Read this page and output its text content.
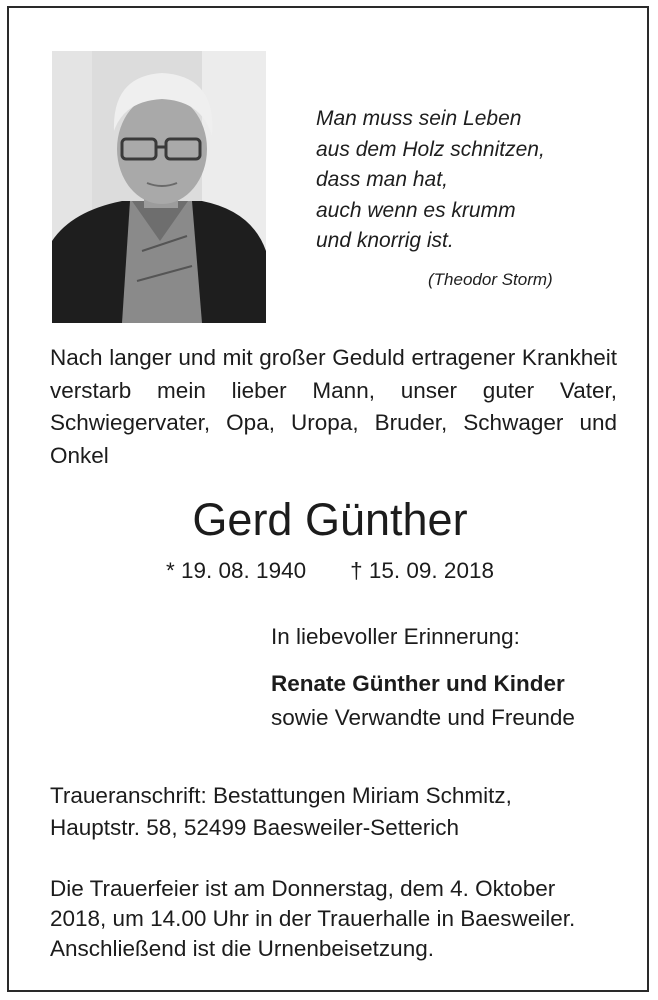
Man muss sein Leben
aus dem Holz schnitzen,
dass man hat,
auch wenn es krumm
und knorrig ist.
(Theodor Storm)
Nach langer und mit großer Geduld ertragener Krankheit verstarb mein lieber Mann, unser guter Vater, Schwiegervater, Opa, Uropa, Bruder, Schwager und Onkel
Gerd Günther
* 19. 08. 1940 † 15. 09. 2018
In liebevoller Erinnerung:
Renate Günther und Kinder
sowie Verwandte und Freunde
Traueranschrift: Bestattungen Miriam Schmitz,
Hauptstr. 58, 52499 Baesweiler-Setterich
Die Trauerfeier ist am Donnerstag, dem 4. Oktober
2018, um 14.00 Uhr in der Trauerhalle in Baesweiler.
Anschließend ist die Urnenbeisetzung.
